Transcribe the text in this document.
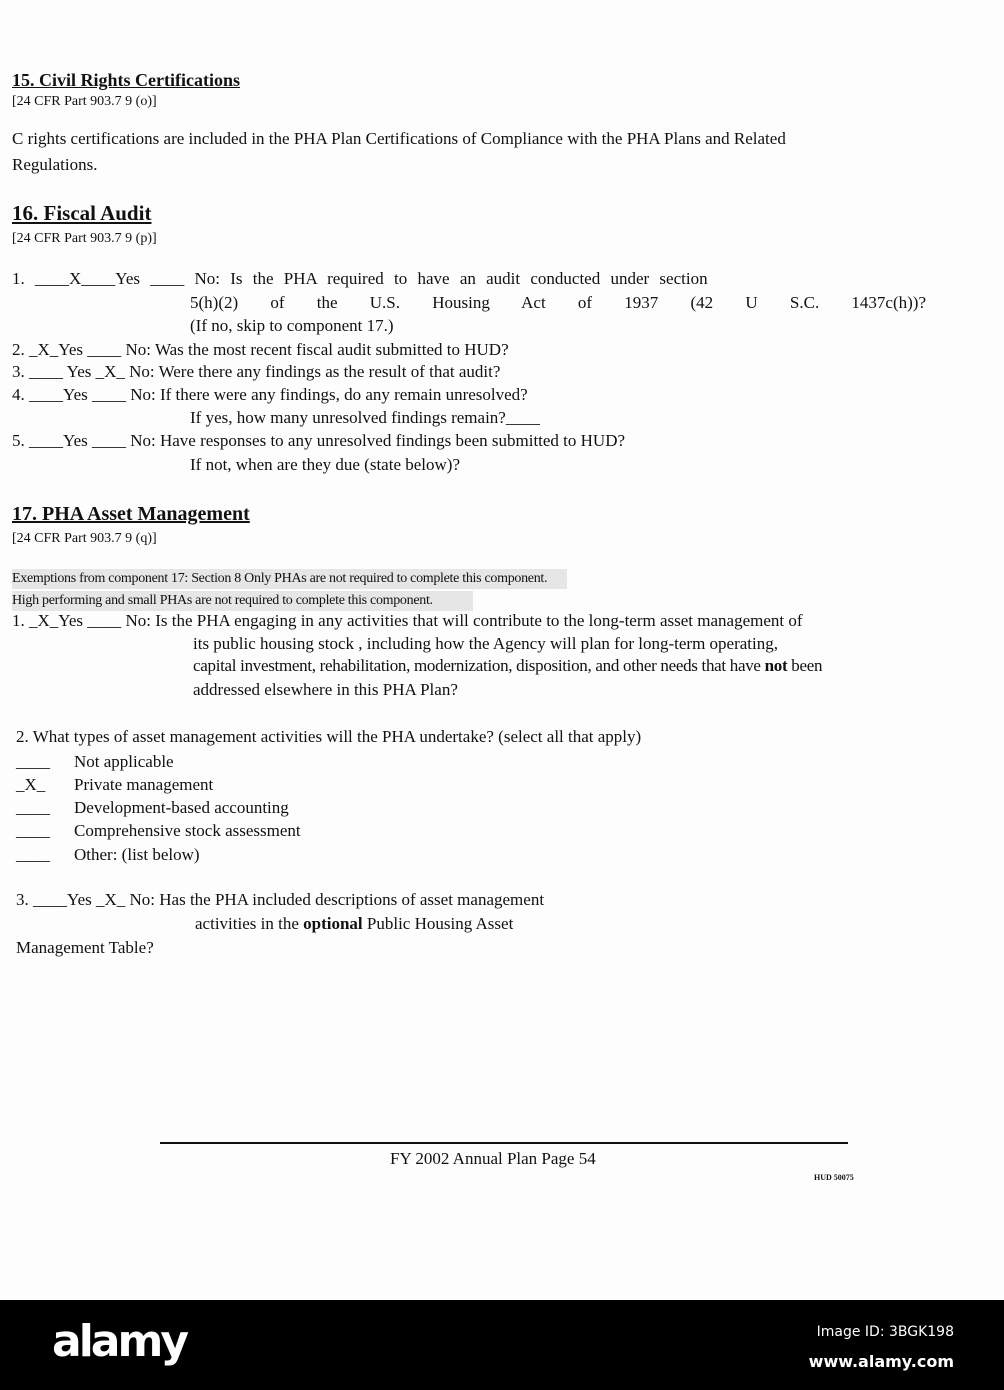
15. Civil Rights Certifications
[24 CFR Part 903.7 9 (o)]
C rights certifications are included in the PHA Plan Certifications of Compliance with the PHA Plans and Related
Regulations.
16. Fiscal Audit
[24 CFR Part 903.7 9 (p)]
1. ____X____Yes ____ No: Is the PHA required to have an audit conducted under section
5(h)(2) of the U.S. Housing Act of 1937 (42 U S.C. 1437c(h))?
(If no, skip to component 17.)
2. _X_Yes ____ No: Was the most recent fiscal audit submitted to HUD?
3. ____ Yes _X_ No: Were there any findings as the result of that audit?
4. ____Yes ____ No: If there were any findings, do any remain unresolved?
If yes, how many unresolved findings remain?____
5. ____Yes ____ No: Have responses to any unresolved findings been submitted to HUD?
If not, when are they due (state below)?
17. PHA Asset Management
[24 CFR Part 903.7 9 (q)]
Exemptions from component 17: Section 8 Only PHAs are not required to complete this component.
High performing and small PHAs are not required to complete this component.
1. _X_Yes ____ No: Is the PHA engaging in any activities that will contribute to the long-term asset management of
its public housing stock , including how the Agency will plan for long-term operating,
capital investment, rehabilitation, modernization, disposition, and other needs that have not been
addressed elsewhere in this PHA Plan?
2. What types of asset management activities will the PHA undertake? (select all that apply)
____ Not applicable
_X_ Private management
____ Development-based accounting
____ Comprehensive stock assessment
____ Other: (list below)
3. ____Yes _X_ No: Has the PHA included descriptions of asset management
activities in the optional Public Housing Asset
Management Table?
FY 2002 Annual Plan Page 54
HUD 50075
alamy	Image ID: 3BGK198
www.alamy.com
